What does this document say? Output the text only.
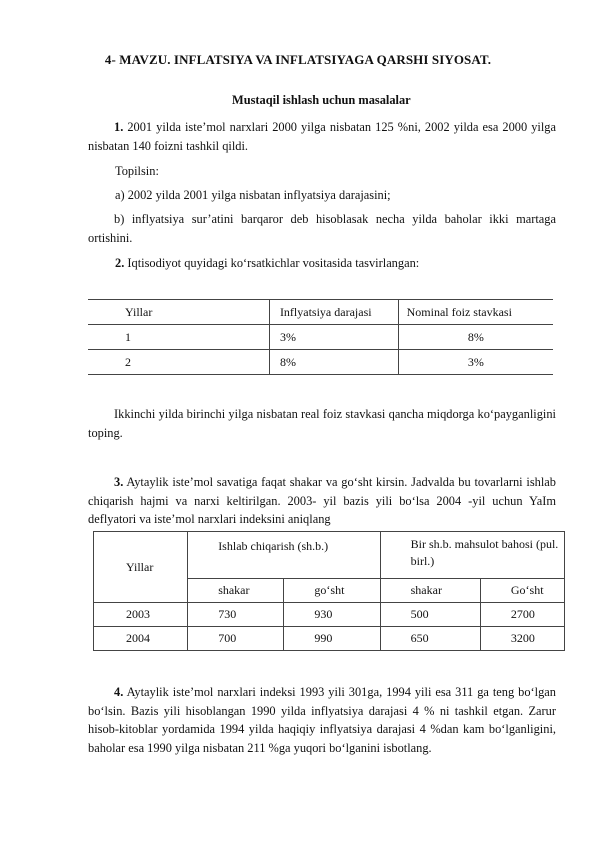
4- MAVZU. INFLATSIYA VA INFLATSIYAGA QARSHI SIYOSAT.
Mustaqil ishlash uchun masalalar
1. 2001 yilda iste’mol narxlari 2000 yilga nisbatan 125 %ni, 2002 yilda esa 2000 yilga nisbatan 140 foizni tashkil qildi.
Topilsin:
a) 2002 yilda 2001 yilga nisbatan inflyatsiya darajasini;
b) inflyatsiya sur’atini barqaror deb hisoblasak necha yilda baholar ikki martaga ortishini.
2. Iqtisodiyot quyidagi ko‘rsatkichlar vositasida tasvirlangan:
Yillar	Inflyatsiya darajasi	Nominal foiz stavkasi
1	3%	8%
2	8%	3%
Ikkinchi yilda birinchi yilga nisbatan real foiz stavkasi qancha miqdorga ko‘payganligini toping.
3. Aytaylik iste’mol savatiga faqat shakar va go‘sht kirsin. Jadvalda bu tovarlarni ishlab chiqarish hajmi va narxi keltirilgan. 2003- yil bazis yili bo‘lsa 2004 -yil uchun YaIm deflyatori va iste’mol narxlari indeksini aniqlang
Yillar	Ishlab chiqarish (sh.b.)		Bir sh.b. mahsulot bahosi (pul. birl.)	
	shakar	go‘sht	shakar	Go‘sht
2003	730	930	500	2700
2004	700	990	650	3200
4. Aytaylik iste’mol narxlari indeksi 1993 yili 301ga, 1994 yili esa 311 ga teng bo‘lgan bo‘lsin. Bazis yili hisoblangan 1990 yilda inflyatsiya darajasi 4 % ni tashkil etgan. Zarur hisob-kitoblar yordamida 1994 yilda haqiqiy inflyatsiya darajasi 4 %dan kam bo‘lganligini, baholar esa 1990 yilga nisbatan 211 %ga yuqori bo‘lganini isbotlang.
